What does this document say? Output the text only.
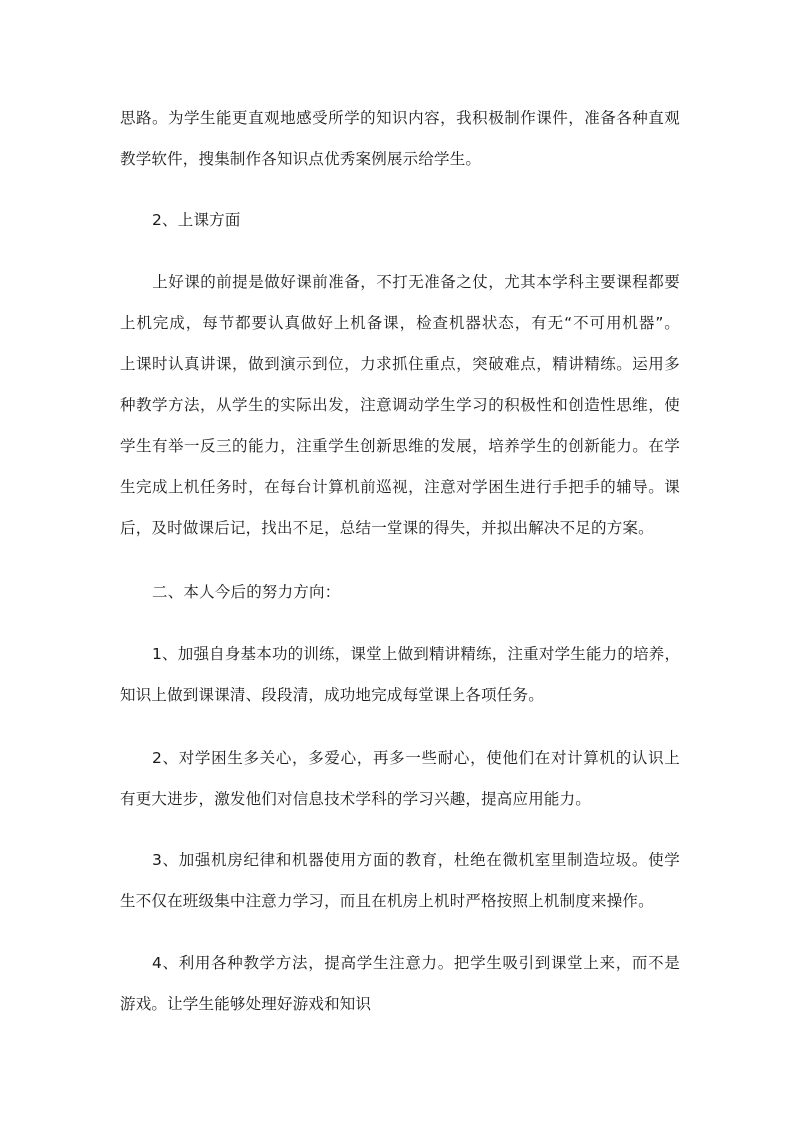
思路。为学生能更直观地感受所学的知识内容，我积极制作课件，准备各种直观
教学软件，搜集制作各知识点优秀案例展示给学生。
2、上课方面
上好课的前提是做好课前准备，不打无准备之仗，尤其本学科主要课程都要
上机完成，每节都要认真做好上机备课，检查机器状态，有无“不可用机器”。
上课时认真讲课，做到演示到位，力求抓住重点，突破难点，精讲精练。运用多
种教学方法，从学生的实际出发，注意调动学生学习的积极性和创造性思维，使
学生有举一反三的能力，注重学生创新思维的发展，培养学生的创新能力。在学
生完成上机任务时，在每台计算机前巡视，注意对学困生进行手把手的辅导。课
后，及时做课后记，找出不足，总结一堂课的得失，并拟出解决不足的方案。
二、本人今后的努力方向：
1、加强自身基本功的训练，课堂上做到精讲精练，注重对学生能力的培养，
知识上做到课课清、段段清，成功地完成每堂课上各项任务。
2、对学困生多关心，多爱心，再多一些耐心，使他们在对计算机的认识上
有更大进步，激发他们对信息技术学科的学习兴趣，提高应用能力。
3、加强机房纪律和机器使用方面的教育，杜绝在微机室里制造垃圾。使学
生不仅在班级集中注意力学习，而且在机房上机时严格按照上机制度来操作。
4、利用各种教学方法，提高学生注意力。把学生吸引到课堂上来，而不是
游戏。让学生能够处理好游戏和知识
